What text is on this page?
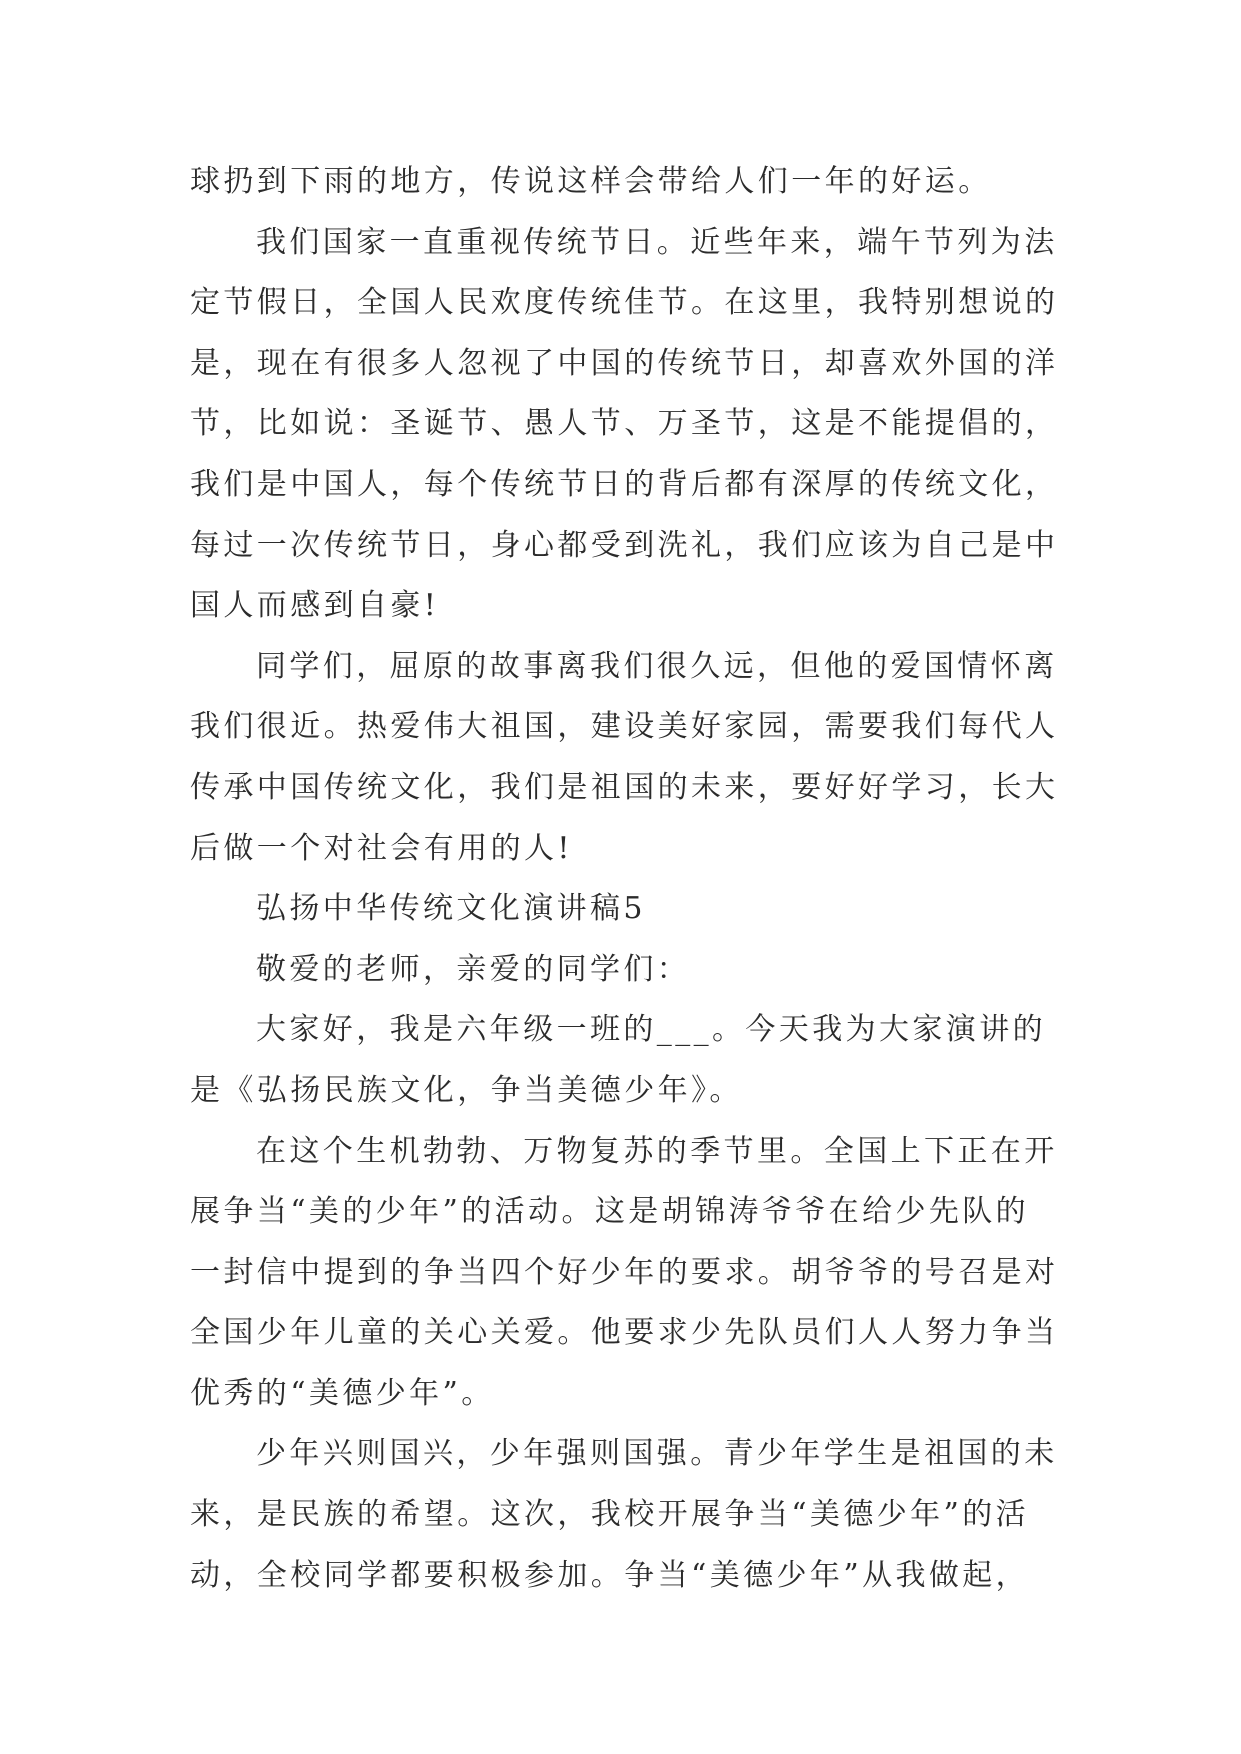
球扔到下雨的地方，传说这样会带给人们一年的好运。
我们国家一直重视传统节日。近些年来，端午节列为法
定节假日，全国人民欢度传统佳节。在这里，我特别想说的
是，现在有很多人忽视了中国的传统节日，却喜欢外国的洋
节，比如说：圣诞节、愚人节、万圣节，这是不能提倡的，
我们是中国人，每个传统节日的背后都有深厚的传统文化，
每过一次传统节日，身心都受到洗礼，我们应该为自己是中
国人而感到自豪!
同学们，屈原的故事离我们很久远，但他的爱国情怀离
我们很近。热爱伟大祖国，建设美好家园，需要我们每代人
传承中国传统文化，我们是祖国的未来，要好好学习，长大
后做一个对社会有用的人!
弘扬中华传统文化演讲稿5
敬爱的老师，亲爱的同学们：
大家好，我是六年级一班的___。今天我为大家演讲的
是《弘扬民族文化，争当美德少年》。
在这个生机勃勃、万物复苏的季节里。全国上下正在开
展争当“美的少年”的活动。这是胡锦涛爷爷在给少先队的
一封信中提到的争当四个好少年的要求。胡爷爷的号召是对
全国少年儿童的关心关爱。他要求少先队员们人人努力争当
优秀的“美德少年”。
少年兴则国兴，少年强则国强。青少年学生是祖国的未
来，是民族的希望。这次，我校开展争当“美德少年”的活
动，全校同学都要积极参加。争当“美德少年”从我做起，
